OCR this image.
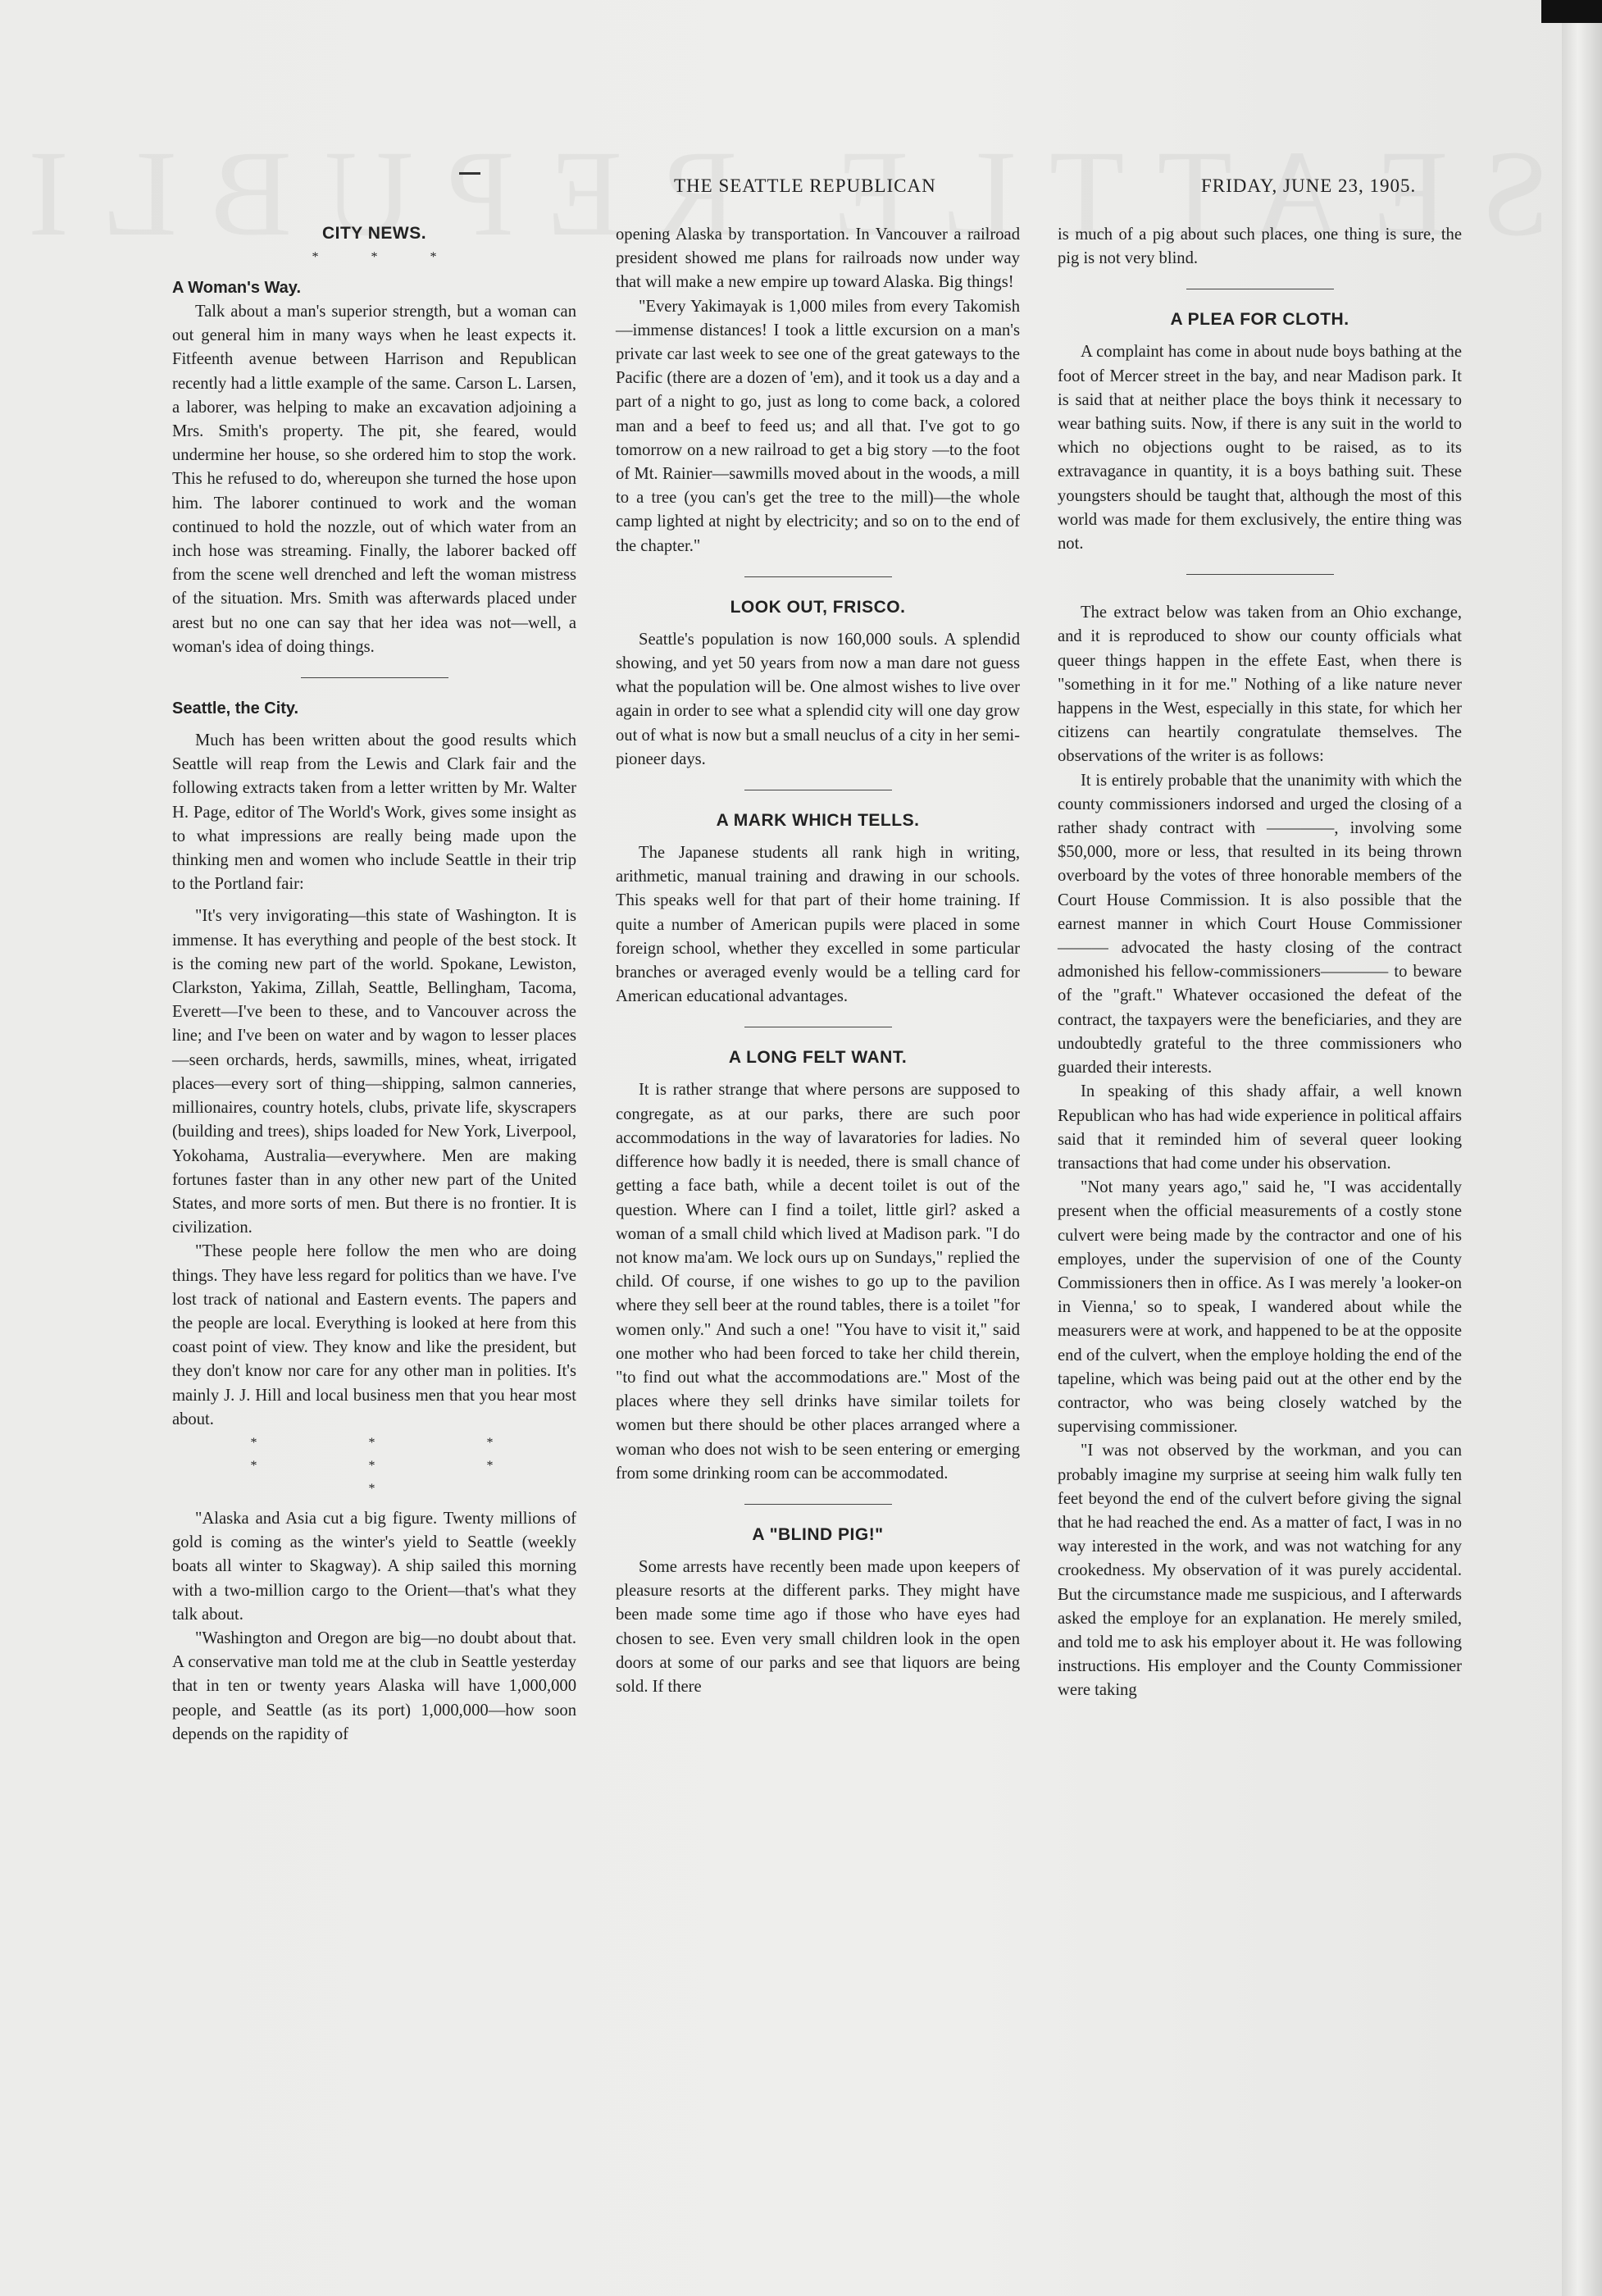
THE SEATTLE REPUBLICAN	FRIDAY, JUNE 23, 1905.
CITY NEWS.
* * *
A Woman's Way.

Talk about a man's superior strength, but a woman can out general him in many ways when he least expects it. Fitfeenth avenue between Harrison and Republican recently had a little example of the same. Carson L. Larsen, a laborer, was helping to make an excavation adjoining a Mrs. Smith's property. The pit, she feared, would undermine her house, so she ordered him to stop the work. This he refused to do, whereupon she turned the hose upon him. The laborer continued to work and the woman continued to hold the nozzle, out of which water from an inch hose was streaming. Finally, the laborer backed off from the scene well drenched and left the woman mistress of the situation. Mrs. Smith was afterwards placed under arest but no one can say that her idea was not—well, a woman's idea of doing things.

Seattle, the City.

Much has been written about the good results which Seattle will reap from the Lewis and Clark fair and the following extracts taken from a letter written by Mr. Walter H. Page, editor of The World's Work, gives some insight as to what impressions are really being made upon the thinking men and women who include Seattle in their trip to the Portland fair:

"It's very invigorating—this state of Washington. It is immense. It has everything and people of the best stock. It is the coming new part of the world. Spokane, Lewiston, Clarkston, Yakima, Zillah, Seattle, Bellingham, Tacoma, Everett—I've been to these, and to Vancouver across the line; and I've been on water and by wagon to lesser places—seen orchards, herds, sawmills, mines, wheat, irrigated places—every sort of thing—shipping, salmon canneries, millionaires, country hotels, clubs, private life, skyscrapers (building and trees), ships loaded for New York, Liverpool, Yokohama, Australia—everywhere. Men are making fortunes faster than in any other new part of the United States, and more sorts of men. But there is no frontier. It is civilization.

"These people here follow the men who are doing things. They have less regard for politics than we have. I've lost track of national and Eastern events. The papers and the people are local. Everything is looked at here from this coast point of view. They know and like the president, but they don't know nor care for any other man in polities. It's mainly J. J. Hill and local business men that you hear most about.

* * * * * * *

"Alaska and Asia cut a big figure. Twenty millions of gold is coming as the winter's yield to Seattle (weekly boats all winter to Skagway). A ship sailed this morning with a two-million cargo to the Orient—that's what they talk about.

"Washington and Oregon are big—no doubt about that. A conservative man told me at the club in Seattle yesterday that in ten or twenty years Alaska will have 1,000,000 people, and Seattle (as its port) 1,000,000—how soon depends on the rapidity of

opening Alaska by transportation. In Vancouver a railroad president showed me plans for railroads now under way that will make a new empire up toward Alaska. Big things!

"Every Yakimayak is 1,000 miles from every Takomish—immense distances! I took a little excursion on a man's private car last week to see one of the great gateways to the Pacific (there are a dozen of 'em), and it took us a day and a part of a night to go, just as long to come back, a colored man and a beef to feed us; and all that. I've got to go tomorrow on a new railroad to get a big story —to the foot of Mt. Rainier—sawmills moved about in the woods, a mill to a tree (you can's get the tree to the mill)—the whole camp lighted at night by electricity; and so on to the end of the chapter."

LOOK OUT, FRISCO.

Seattle's population is now 160,000 souls. A splendid showing, and yet 50 years from now a man dare not guess what the population will be. One almost wishes to live over again in order to see what a splendid city will one day grow out of what is now but a small neuclus of a city in her semi-pioneer days.

A MARK WHICH TELLS.

The Japanese students all rank high in writing, arithmetic, manual training and drawing in our schools. This speaks well for that part of their home training. If quite a number of American pupils were placed in some foreign school, whether they excelled in some particular branches or averaged evenly would be a telling card for American educational advantages.

A LONG FELT WANT.

It is rather strange that where persons are supposed to congregate, as at our parks, there are such poor accommodations in the way of lavaratories for ladies. No difference how badly it is needed, there is small chance of getting a face bath, while a decent toilet is out of the question. Where can I find a toilet, little girl? asked a woman of a small child which lived at Madison park. "I do not know ma'am. We lock ours up on Sundays," replied the child. Of course, if one wishes to go up to the pavilion where they sell beer at the round tables, there is a toilet "for women only." And such a one! "You have to visit it," said one mother who had been forced to take her child therein, "to find out what the accommodations are." Most of the places where they sell drinks have similar toilets for women but there should be other places arranged where a woman who does not wish to be seen entering or emerging from some drinking room can be accommodated.

A "BLIND PIG!"

Some arrests have recently been made upon keepers of pleasure resorts at the different parks. They might have been made some time ago if those who have eyes had chosen to see. Even very small children look in the open doors at some of our parks and see that liquors are being sold. If there

is much of a pig about such places, one thing is sure, the pig is not very blind.

A PLEA FOR CLOTH.

A complaint has come in about nude boys bathing at the foot of Mercer street in the bay, and near Madison park. It is said that at neither place the boys think it necessary to wear bathing suits. Now, if there is any suit in the world to which no objections ought to be raised, as to its extravagance in quantity, it is a boys bathing suit. These youngsters should be taught that, although the most of this world was made for them exclusively, the entire thing was not.

The extract below was taken from an Ohio exchange, and it is reproduced to show our county officials what queer things happen in the effete East, when there is "something in it for me." Nothing of a like nature never happens in the West, especially in this state, for which her citizens can heartily congratulate themselves. The observations of the writer is as follows:

It is entirely probable that the unanimity with which the county commissioners indorsed and urged the closing of a rather shady contract with ————, involving some $50,000, more or less, that resulted in its being thrown overboard by the votes of three honorable members of the Court House Commission. It is also possible that the earnest manner in which Court House Commissioner ——— advocated the hasty closing of the contract admonished his fellow-commissioners———— to beware of the "graft." Whatever occasioned the defeat of the contract, the taxpayers were the beneficiaries, and they are undoubtedly grateful to the three commissioners who guarded their interests.

In speaking of this shady affair, a well known Republican who has had wide experience in political affairs said that it reminded him of several queer looking transactions that had come under his observation.

"Not many years ago," said he, "I was accidentally present when the official measurements of a costly stone culvert were being made by the contractor and one of his employes, under the supervision of one of the County Commissioners then in office. As I was merely 'a looker-on in Vienna,' so to speak, I wandered about while the measurers were at work, and happened to be at the opposite end of the culvert, when the employe holding the end of the tapeline, which was being paid out at the other end by the contractor, who was being closely watched by the supervising commissioner.

"I was not observed by the workman, and you can probably imagine my surprise at seeing him walk fully ten feet beyond the end of the culvert before giving the signal that he had reached the end. As a matter of fact, I was in no way interested in the work, and was not watching for any crookedness. My observation of it was purely accidental. But the circumstance made me suspicious, and I afterwards asked the employe for an explanation. He merely smiled, and told me to ask his employer about it. He was following instructions. His employer and the County Commissioner were taking
